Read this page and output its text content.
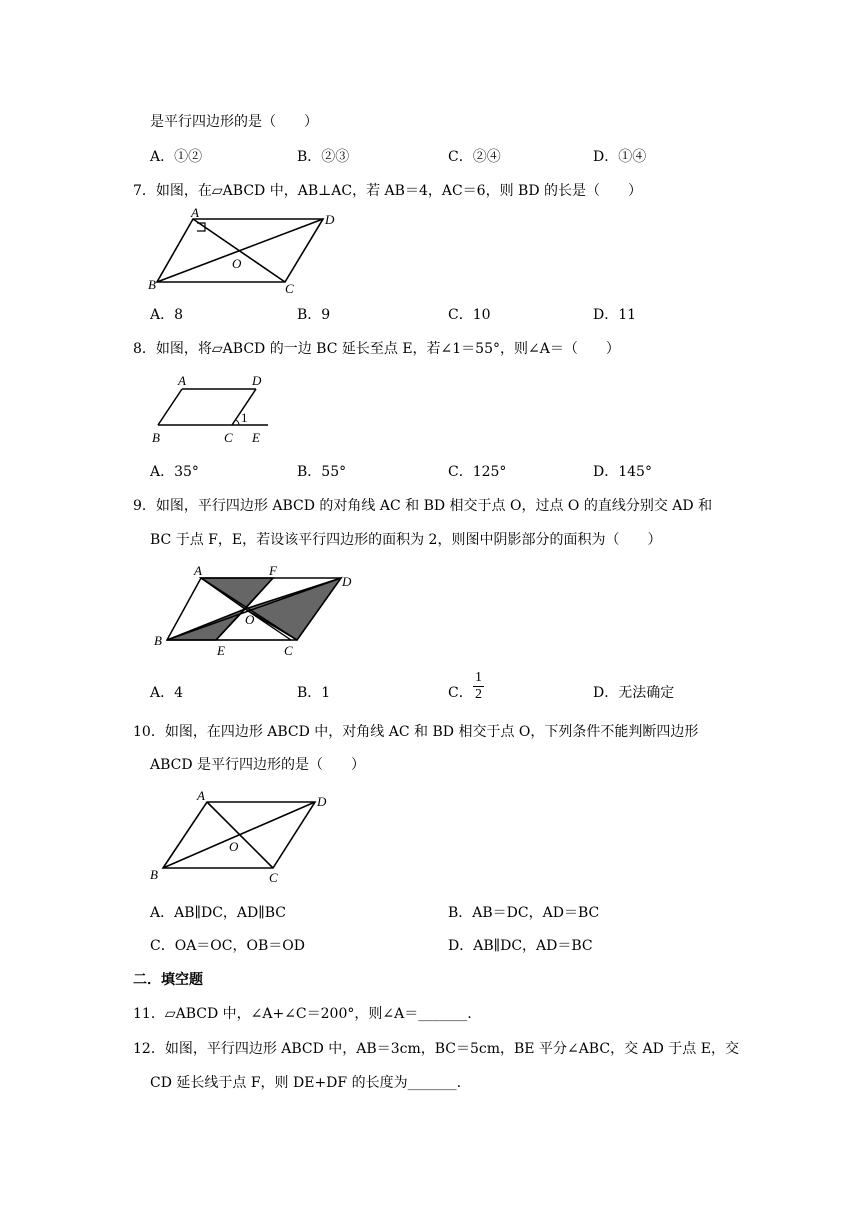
是平行四边形的是（　　）
A．①②	B．②③	C．②④	D．①④
7．如图，在▱ABCD 中，AB⊥AC，若 AB＝4，AC＝6，则 BD 的长是（　　）
A	D
O
B	C
A．8	B．9	C．10	D．11
8．如图，将▱ABCD 的一边 BC 延长至点 E，若∠1＝55°，则∠A＝（　　）
A	D
1
B	C E
A．35°	B．55°	C．125°	D．145°
9．如图，平行四边形 ABCD 的对角线 AC 和 BD 相交于点 O，过点 O 的直线分别交 AD 和
BC 于点 F，E，若设该平行四边形的面积为 2，则图中阴影部分的面积为（　　）
A	F
D
O
B
E	C
A．4	B．1	C．
1
2	D．无法确定
10．如图，在四边形 ABCD 中，对角线 AC 和 BD 相交于点 O，下列条件不能判断四边形
ABCD 是平行四边形的是（　　）
A	D
O
B	C
A．AB∥DC，AD∥BC	B．AB＝DC，AD＝BC
C．OA＝OC，OB＝OD	D．AB∥DC，AD＝BC
二．填空题
11．▱ABCD 中，∠A+∠C＝200°，则∠A＝_______.
12．如图，平行四边形 ABCD 中，AB＝3cm，BC＝5cm，BE 平分∠ABC，交 AD 于点 E，交
CD 延长线于点 F，则 DE+DF 的长度为_______.
